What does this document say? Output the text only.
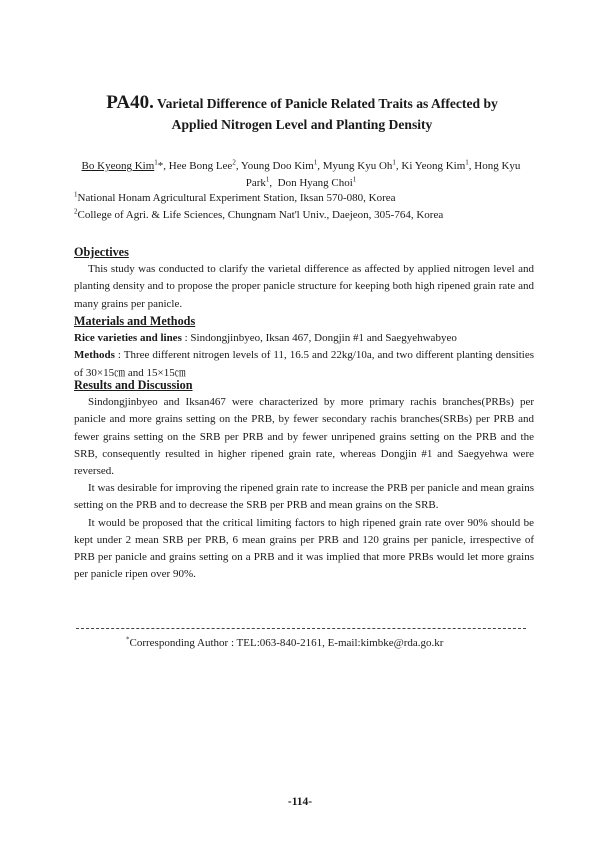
PA40. Varietal Difference of Panicle Related Traits as Affected by
Applied Nitrogen Level and Planting Density
Bo Kyeong Kim$^1$*, Hee Bong Lee$^2$, Young Doo Kim$^1$, Myung Kyu Oh$^1$, Ki Yeong Kim$^1$, Hong Kyu Park$^1$,  Don Hyang Choi$^1$
$^1$National Honam Agricultural Experiment Station, Iksan 570-080, Korea
$^2$College of Agri. & Life Sciences, Chungnam Nat'l Univ., Daejeon, 305-764, Korea
Objectives

This study was conducted to clarify the varietal difference as affected by applied nitrogen level and planting density and to propose the proper panicle structure for keeping both high ripened grain rate and many grains per panicle.

Materials and Methods

Rice varieties and lines : Sindongjinbyeo, Iksan 467, Dongjin #1 and Saegyehwabyeo

Methods : Three different nitrogen levels of 11, 16.5 and 22kg/10a, and two different planting densities of 30×15㎝ and 15×15㎝

Results and Discussion

Sindongjinbyeo and Iksan467 were characterized by more primary rachis branches(PRBs) per panicle and more grains setting on the PRB, by fewer secondary rachis branches(SRBs) per PRB and fewer grains setting on the SRB per PRB and by fewer unripened grains setting on the PRB and the SRB, consequently resulted in higher ripened grain rate, whereas Dongjin #1 and Saegyehwa were reversed.

It was desirable for improving the ripened grain rate to increase the PRB per panicle and mean grains setting on the PRB and to decrease the SRB per PRB and mean grains on the SRB.

It would be proposed that the critical limiting factors to high ripened grain rate over 90% should be kept under 2 mean SRB per PRB, 6 mean grains per PRB and 120 grains per panicle, irrespective of PRB per panicle and grains setting on a PRB and it was implied that more PRBs would let more grains per panicle ripen over 90%.

*Corresponding Author : TEL:063-840-2161, E-mail:kimbke@rda.go.kr
-114-
